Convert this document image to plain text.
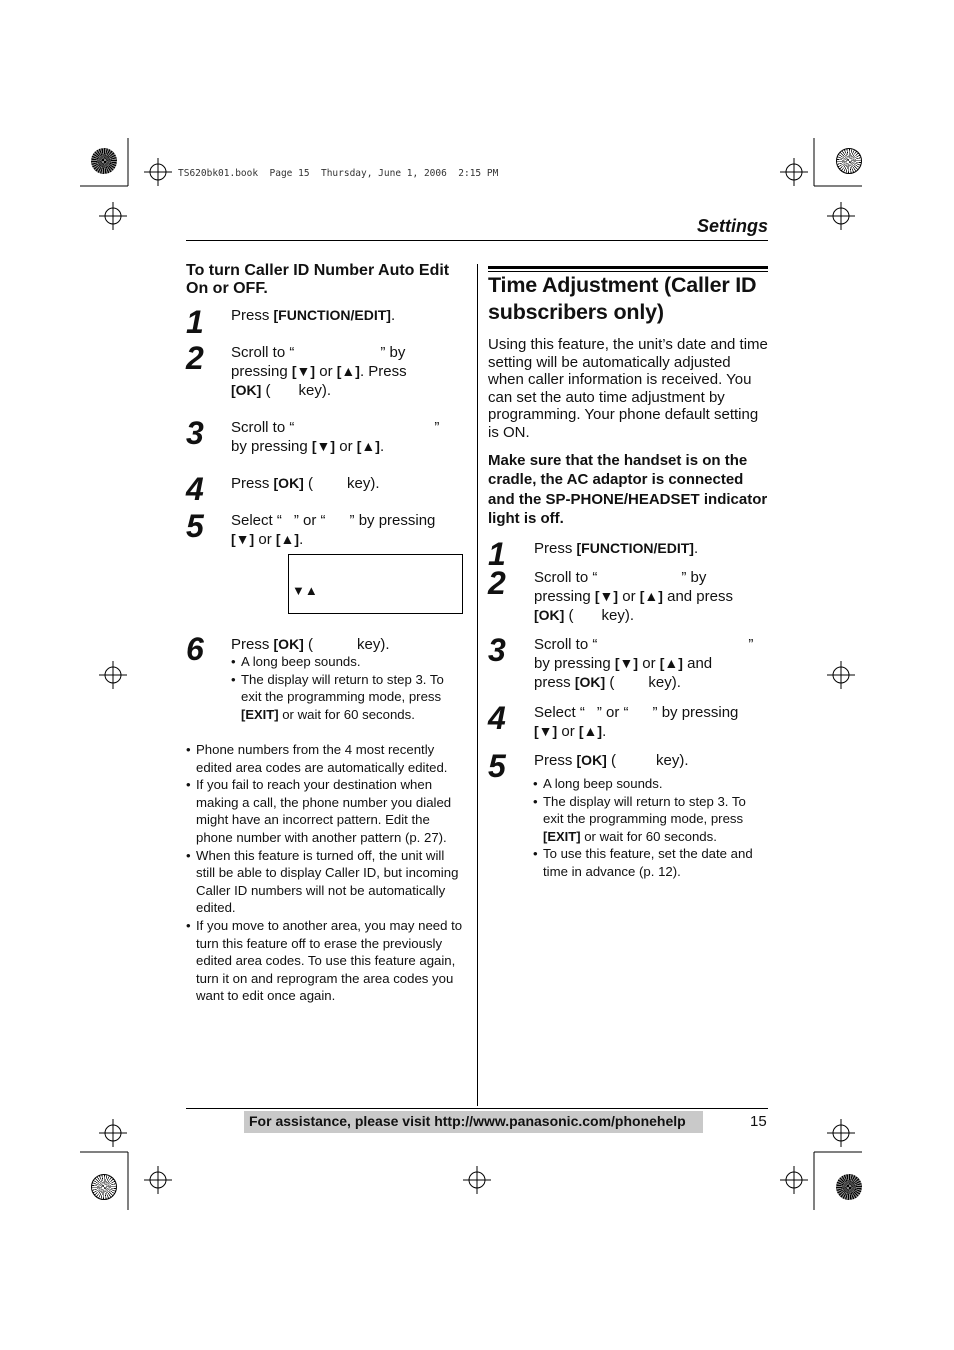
TS620bk01.book  Page 15  Thursday, June 1, 2006  2:15 PM
Settings
To turn Caller ID Number Auto Edit On or OFF.
1 Press [FUNCTION/EDIT].
2 Scroll to “	” by
pressing [▼] or [▲]. Press
[OK] ( key).
3 Scroll to “	”
by pressing [▼] or [▲].
4 Press [OK] ( key).
5 Select “ ” or “ ” by pressing
[▼] or [▲].
▼▲
6 Press [OK] (	key).
• A long beep sounds.
• The display will return to step 3. To exit the programming mode, press [EXIT] or wait for 60 seconds.
• Phone numbers from the 4 most recently edited area codes are automatically edited.
• If you fail to reach your destination when making a call, the phone number you dialed might have an incorrect pattern. Edit the phone number with another pattern (p. 27).
• When this feature is turned off, the unit will still be able to display Caller ID, but incoming Caller ID numbers will not be automatically edited.
• If you move to another area, you may need to turn this feature off to erase the previously edited area codes. To use this feature again, turn it on and reprogram the area codes you want to edit once again.
Time Adjustment (Caller ID subscribers only)
Using this feature, the unit’s date and time setting will be automatically adjusted when caller information is received. You can set the auto time adjustment by programming. Your phone default setting is ON.
Make sure that the handset is on the cradle, the AC adaptor is connected and the SP-PHONE/HEADSET indicator light is off.
1 Press [FUNCTION/EDIT].
2 Scroll to “	” by
pressing [▼] or [▲] and press
[OK] ( key).
3 Scroll to “	”
by pressing [▼] or [▲] and
press [OK] ( key).
4 Select “ ” or “ ” by pressing
[▼] or [▲].
5 Press [OK] (	key).
• A long beep sounds.
• The display will return to step 3. To exit the programming mode, press [EXIT] or wait for 60 seconds.
• To use this feature, set the date and time in advance (p. 12).
For assistance, please visit http://www.panasonic.com/phonehelp	15
